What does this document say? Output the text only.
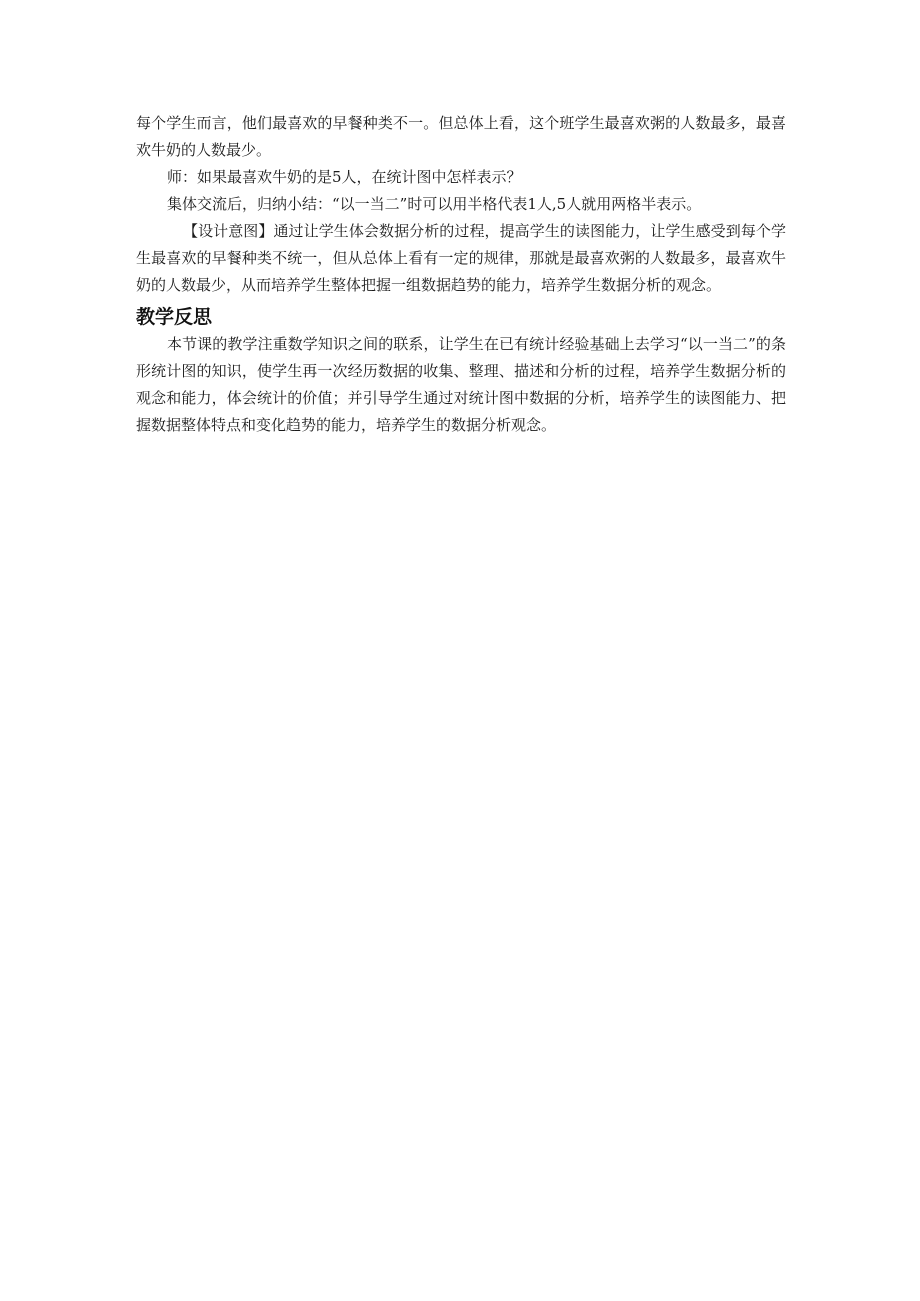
每个学生而言，他们最喜欢的早餐种类不一。但总体上看，这个班学生最喜欢粥的人数最多，最喜欢牛奶的人数最少。

师：如果最喜欢牛奶的是5人，在统计图中怎样表示？

集体交流后，归纳小结：“以一当二”时可以用半格代表1人,5人就用两格半表示。

【设计意图】通过让学生体会数据分析的过程，提高学生的读图能力，让学生感受到每个学生最喜欢的早餐种类不统一，但从总体上看有一定的规律，那就是最喜欢粥的人数最多，最喜欢牛奶的人数最少，从而培养学生整体把握一组数据趋势的能力，培养学生数据分析的观念。

教学反思

本节课的教学注重数学知识之间的联系，让学生在已有统计经验基础上去学习“以一当二”的条形统计图的知识，使学生再一次经历数据的收集、整理、描述和分析的过程，培养学生数据分析的观念和能力，体会统计的价值；并引导学生通过对统计图中数据的分析，培养学生的读图能力、把握数据整体特点和变化趋势的能力，培养学生的数据分析观念。
